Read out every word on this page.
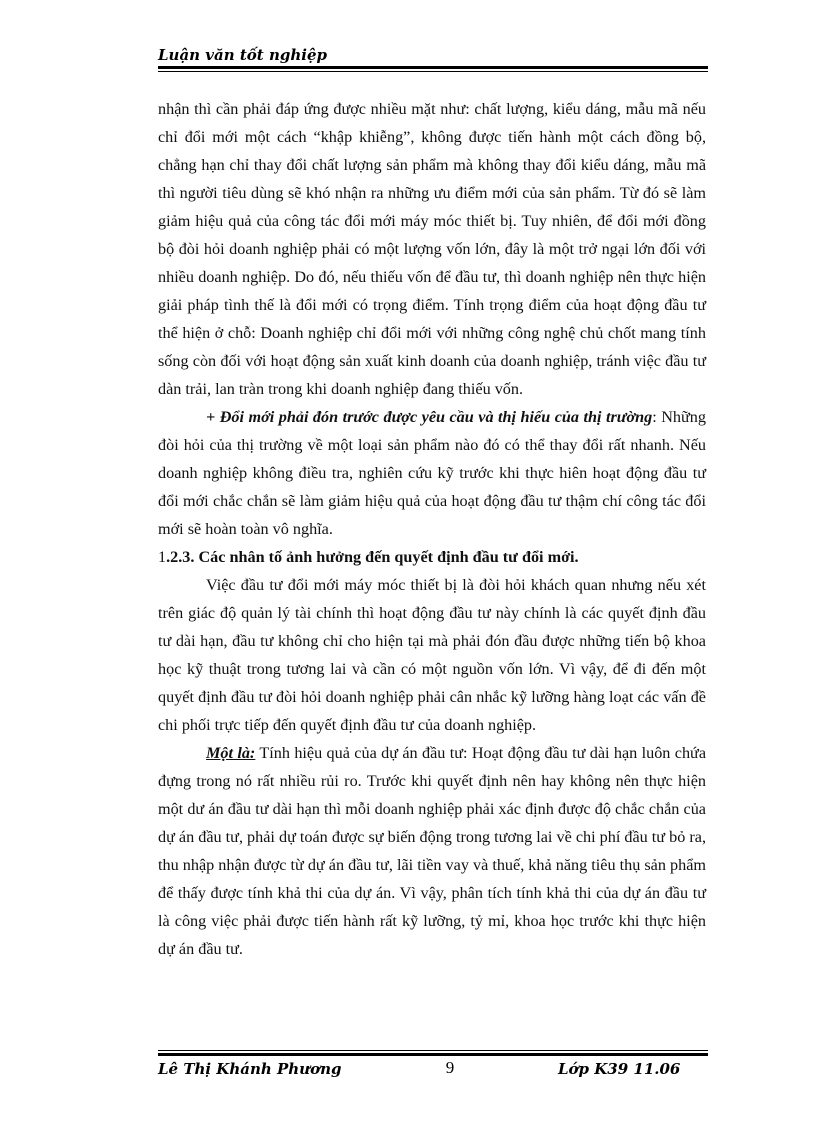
Luận văn tốt nghiệp

nhận thì cần phải đáp ứng được nhiều mặt như: chất lượng, kiểu dáng, mẫu mã nếu chỉ đổi mới một cách “khập khiễng”, không được tiến hành một cách đồng bộ, chẳng hạn chỉ thay đổi chất lượng sản phẩm mà không thay đổi kiểu dáng, mẫu mã thì người tiêu dùng sẽ khó nhận ra những ưu điểm mới của sản phẩm. Từ đó sẽ làm giảm hiệu quả của công tác đổi mới máy móc thiết bị. Tuy nhiên, để đổi mới đồng bộ đòi hỏi doanh nghiệp phải có một lượng vốn lớn, đây là một trở ngại lớn đối với nhiều doanh nghiệp. Do đó, nếu thiếu vốn để đầu tư, thì doanh nghiệp nên thực hiện giải pháp tình thế là đổi mới có trọng điểm. Tính trọng điểm của hoạt động đầu tư thể hiện ở chỗ: Doanh nghiệp chỉ đổi mới với những công nghệ chủ chốt mang tính sống còn đối với hoạt động sản xuất kinh doanh của doanh nghiệp, tránh việc đầu tư dàn trải, lan tràn trong khi doanh nghiệp đang thiếu vốn.

+ Đổi mới phải đón trước được yêu cầu và thị hiếu của thị trường: Những đòi hỏi của thị trường về một loại sản phẩm nào đó có thể thay đổi rất nhanh. Nếu doanh nghiệp không điều tra, nghiên cứu kỹ trước khi thực hiên hoạt động đầu tư đổi mới chắc chắn sẽ làm giảm hiệu quả của hoạt động đầu tư thậm chí công tác đổi mới sẽ hoàn toàn vô nghĩa.

1.2.3. Các nhân tố ảnh hưởng đến quyết định đầu tư đổi mới.

Việc đầu tư đổi mới máy móc thiết bị là đòi hỏi khách quan nhưng nếu xét trên giác độ quản lý tài chính thì hoạt động đầu tư này chính là các quyết định đầu tư dài hạn, đầu tư không chỉ cho hiện tại mà phải đón đầu được những tiến bộ khoa học kỹ thuật trong tương lai và cần có một nguồn vốn lớn. Vì vậy, để đi đến một quyết định đầu tư đòi hỏi doanh nghiệp phải cân nhắc kỹ lưỡng hàng loạt các vấn đề chi phối trực tiếp đến quyết định đầu tư của doanh nghiệp.

Một là: Tính hiệu quả của dự án đầu tư: Hoạt động đầu tư dài hạn luôn chứa đựng trong nó rất nhiều rủi ro. Trước khi quyết định nên hay không nên thực hiện một dư án đầu tư dài hạn thì mỗi doanh nghiệp phải xác định được độ chắc chắn của dự án đầu tư, phải dự toán được sự biến động trong tương lai về chi phí đầu tư bỏ ra, thu nhập nhận được từ dự án đầu tư, lãi tiền vay và thuế, khả năng tiêu thụ sản phẩm để thấy được tính khả thi của dự án. Vì vậy, phân tích tính khả thi của dự án đầu tư là công việc phải được tiến hành rất kỹ lưỡng, tỷ mỉ, khoa học trước khi thực hiện dự án đầu tư.

Lê Thị Khánh Phương	9	Lớp K39 11.06
